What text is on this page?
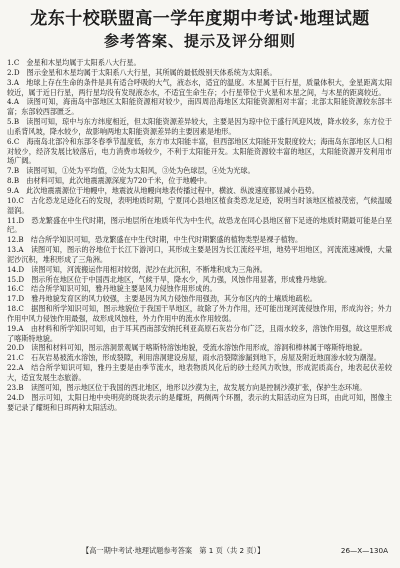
龙东十校联盟高一学年度期中考试·地理试题
参考答案、提示及评分细则

1.C　金星和木星均属于太阳系八大行星。

2.D　图示金星和木星均属于太阳系八大行星，其所属的最低级别天体系统为太阳系。

3.A　地球上存在生命的条件是具有适合呼吸的大气，液态水，适宜的温度。木星属于巨行星，质量体积大，金星距离太阳较近，属于近日行星，两行星均没有发现液态水，不适宜生命生存；小行星带位于火星和木星之间，与木星的距离较近。

4.A　读图可知，海南岛中部地区太阳能资源相对较少，南四周沿海地区太阳能资源相对丰富；北部太阳能资源较东部丰富；东部较西部匮乏。

5.B　读图可知，琼中与东方纬度相近，但太阳能资源差异较大，主要是因为琼中位于盛行风迎风坡，降水较多，东方位于山系背风坡，降水较少，故影响两地太阳能资源差异的主要因素是地形。

6.C　海南岛北部冷和东部冬春季节温度低，东方市太阳能丰富，但西部地区太阳能开发限度较大；海南岛东部地区人口相对较少，经济发展比较落后，电力消费市场较少，不利于太阳能开发。太阳能资源较丰富的地区，太阳能资源开发利用市场广阔。

7.B　读图可知，①处为平均值，②处为太阳风，③处为色球层，④处为光球。

8.B　由材料可知，此次地震震源深度为720千米，位于地幔中。

9.A　此次地震震源位于地幔中，地震波从地幔向地表传播过程中，横波、纵波速度都显减小趋势。

10.C　古化恐龙足迹化石的发现，表明地质时期，宁夏同心县地区植食类恐龙足迹，说明当时该地区植被茂密，气候温暖湿润。

11.D　恐龙繁盛在中生代时期，图示地层所在地质年代为中生代，故恐龙在同心县地区留下足迹的地质时期最可能是白垩纪。

12.B　结合所学知识可知，恐龙繁盛在中生代时期，中生代时期繁盛的植物类型是裸子植物。

13.A　读图可知，图示的谷地位于长江下游河口，其形成主要是因为长江流经平坦，地势平坦地区，河流流速减慢，大量泥沙沉积，堆积形成了三角洲。

14.D　读图可知，河流搬运作用相对较弱，泥沙在此沉积，不断堆积成为三角洲。

15.D　图示所在地区位于中国西北地区，气候干旱，降水少，风力强，风蚀作用显著，形成雅丹地貌。

16.C　结合所学知识可知，雅丹地貌主要是风力侵蚀作用形成的。

17.D　雅丹地貌发育区的风力较强，主要是因为风力侵蚀作用强劲，其分布区内的土壤质地疏松。

18.C　据图和所学知识可知，图示地貌位于我国干旱地区，故除了外力作用，还可能出现河流侵蚀作用，形成沟谷；外力作用中风力侵蚀作用最强，故形成风蚀柱，外力作用中的流水作用较弱。

19.A　由材料和所学知识可知，由于耳其西南部安纳托利亚高原石灰岩分布广泛，且雨水较多，溶蚀作用强，故这里形成了喀斯特地貌。

20.D　读图和材料可知，图示溶洞景观属于喀斯特溶蚀地貌，受流水溶蚀作用形成，溶洞和棒林属于喀斯特地貌。

21.C　石灰岩易被流水溶蚀，形成裂隙，利用溶洞建设房屋，雨水沿裂隙渗漏到地下，房屋及附近地面渗水较为潮湿。

22.A　结合所学知识可知，雅丹主要是由季节流水，地表物质风化后的砂土经风力吹蚀，形成泥质高台，地表起伏差较大，适宜发展生态旅游。

23.B　读图可知，图示地区位于我国的西北地区，地形以沙漠为主，故发展方向是控制沙漠扩张，保护生态环境。

24.D　图示可知，太阳日地中央明亮的斑块表示的是耀斑，两侧两个环圈，表示的太阳活动应为日珥，由此可知，图像主要记录了耀斑和日珥两种太阳活动。

【高一期中考试·地理试题参考答案　第 1 页（共 2 页）】	26—X—130A
